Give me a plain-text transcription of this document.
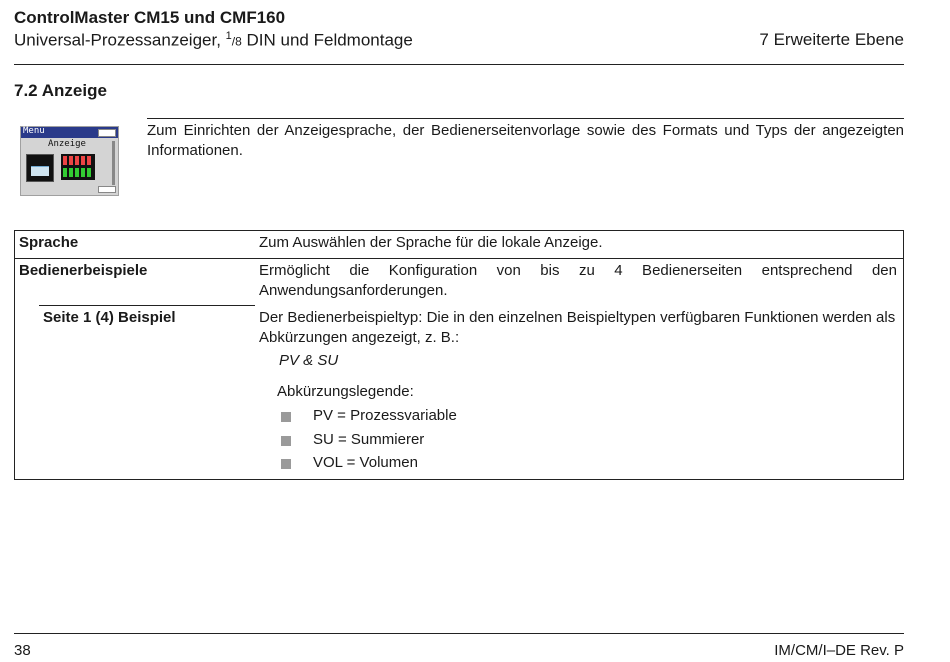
ControlMaster CM15 und CMF160
Universal-Prozessanzeiger, $^1$/8 DIN und Feldmontage	7 Erweiterte Ebene
7.2 Anzeige
Menu
Anzeige
Zum Einrichten der Anzeigesprache, der Bedienerseitenvorlage sowie des Formats und Typs der angezeigten Informationen.
Sprache	Zum Auswählen der Sprache für die lokale Anzeige.
Bedienerbeispiele	Ermöglicht die Konfiguration von bis zu 4 Bedienerseiten entsprechend den Anwendungsanforderungen.
Seite 1 (4) Beispiel	Der Bedienerbeispieltyp: Die in den einzelnen Beispieltypen verfügbaren Funktionen werden als Abkürzungen angezeigt, z. B.:
PV & SU
Abkürzungslegende:
PV = Prozessvariable
SU = Summierer
VOL = Volumen
38	IM/CM/I–DE Rev. P
